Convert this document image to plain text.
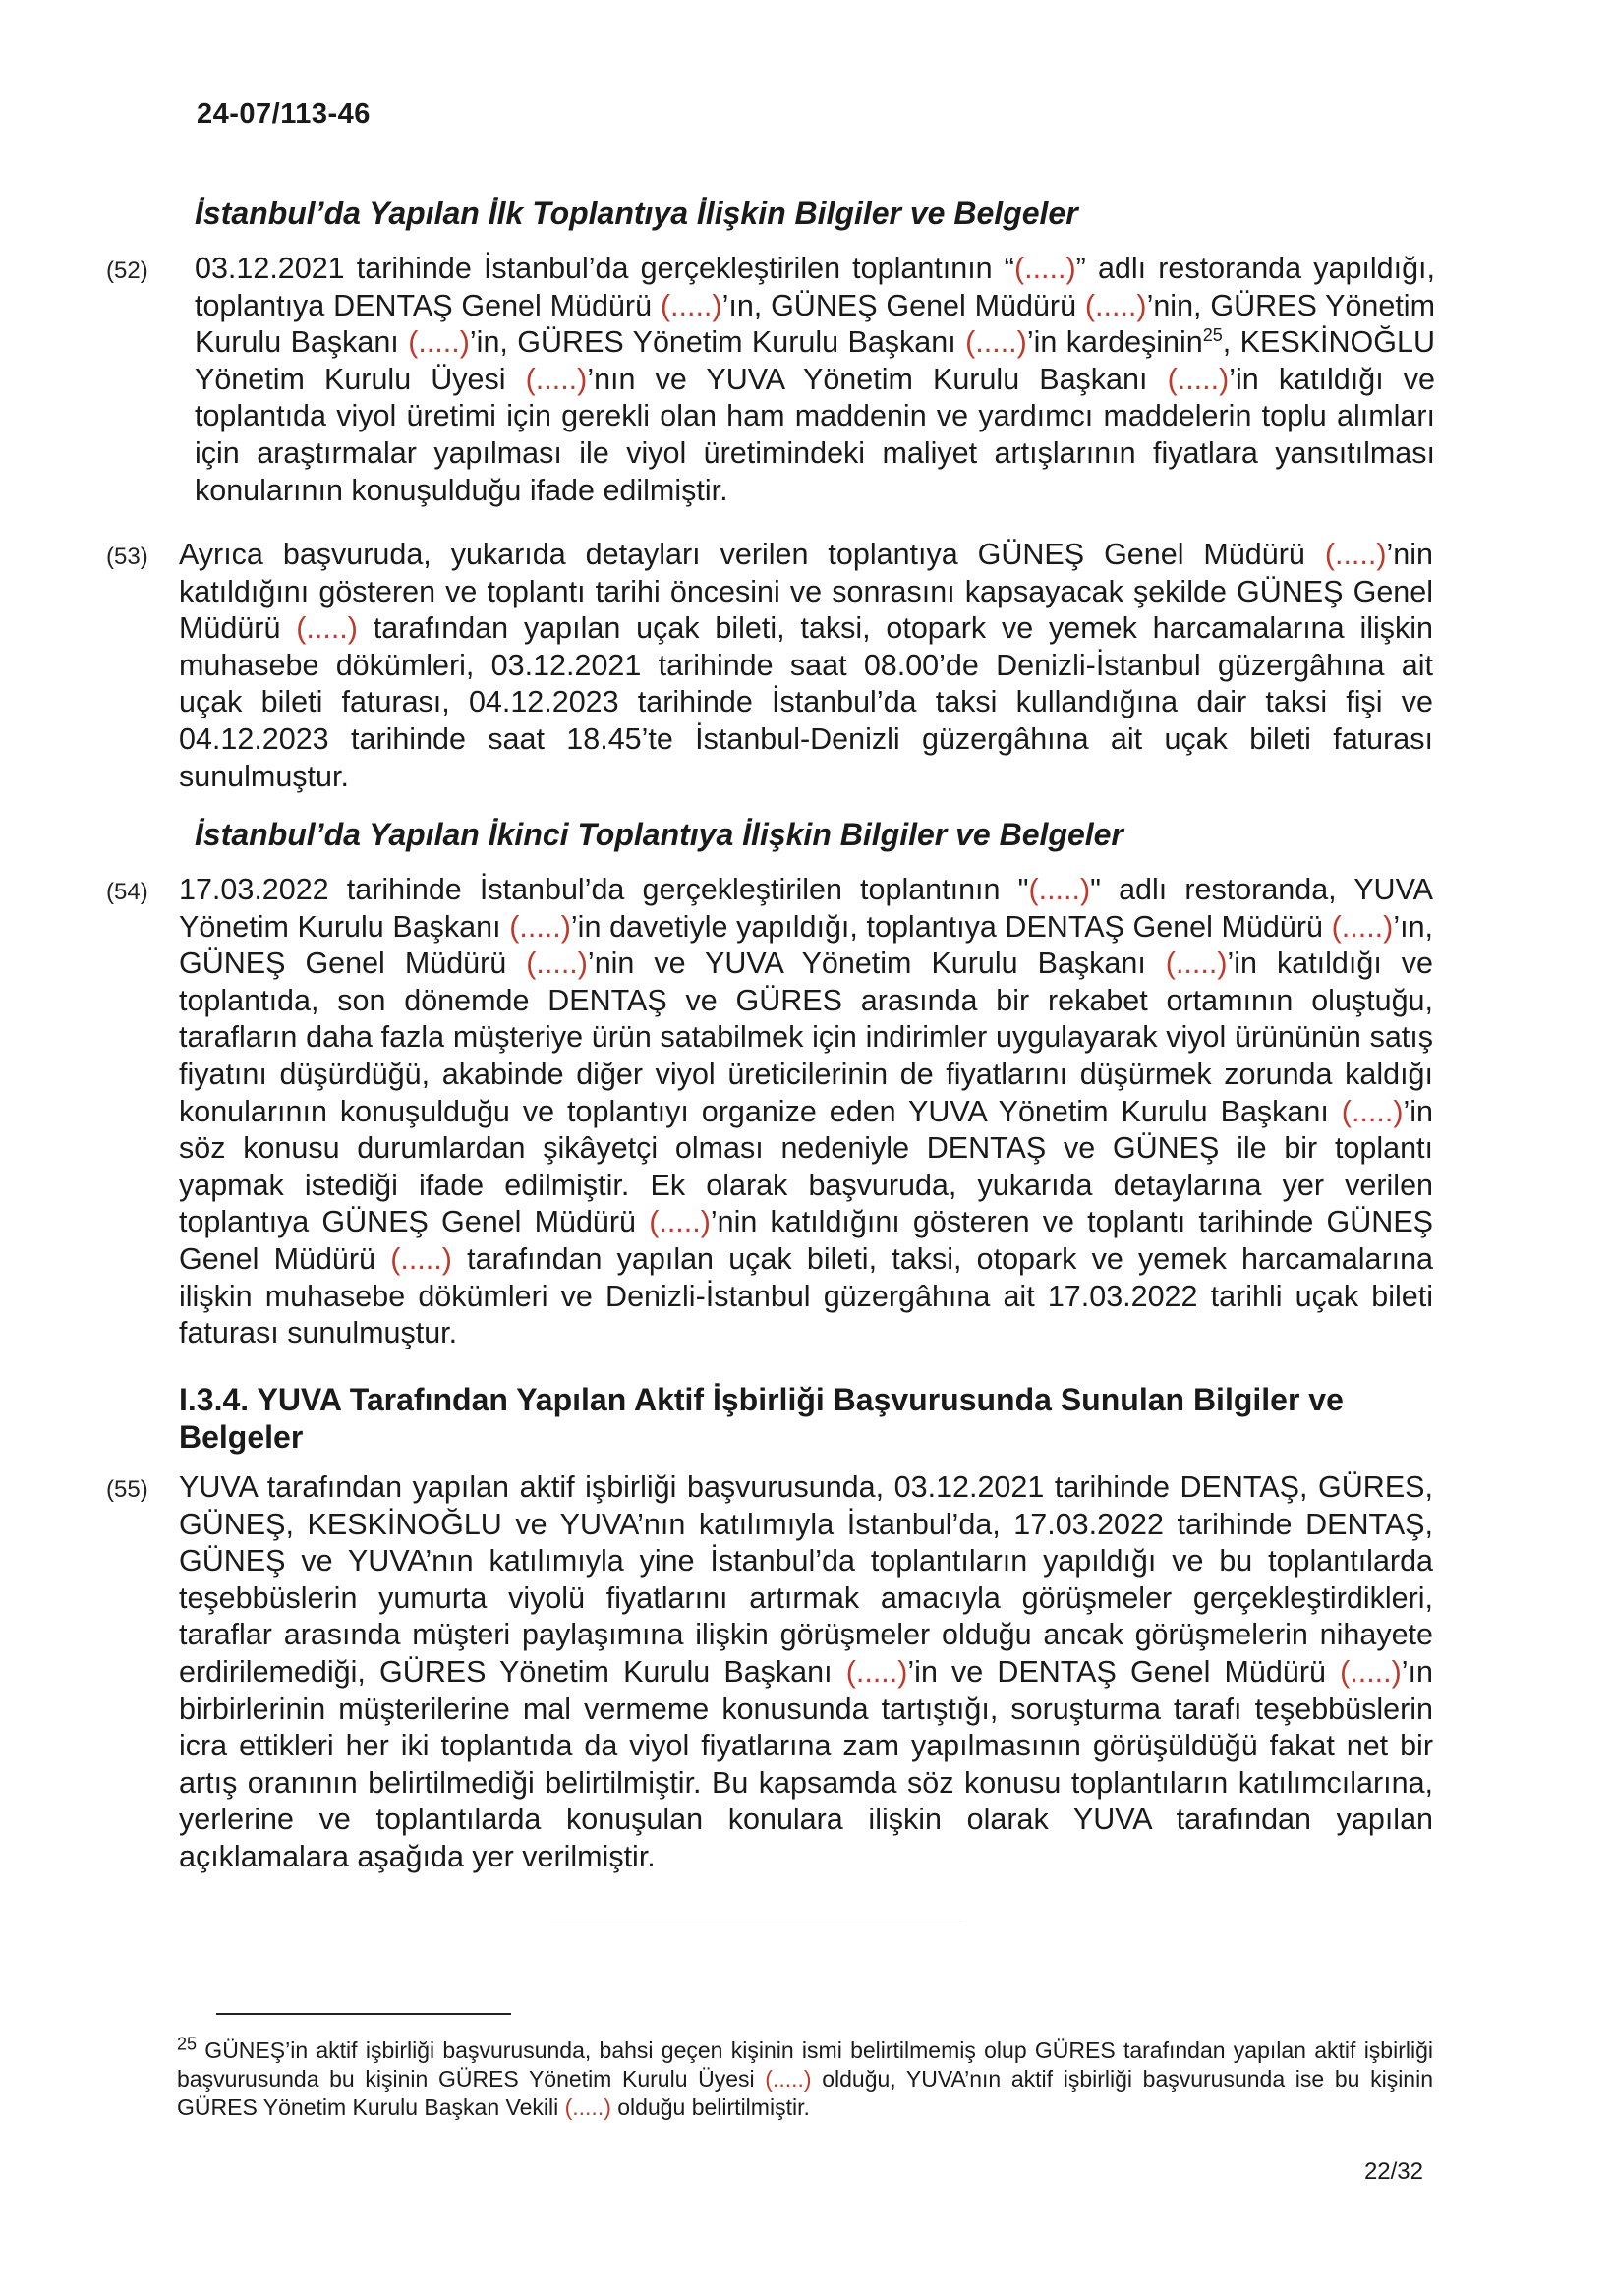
24-07/113-46
İstanbul’da Yapılan İlk Toplantıya İlişkin Bilgiler ve Belgeler
(52) 03.12.2021 tarihinde İstanbul’da gerçekleştirilen toplantının “(.....)” adlı restoranda yapıldığı, toplantıya DENTAŞ Genel Müdürü (.....)’ın, GÜNEŞ Genel Müdürü (.....)’nin, GÜRES Yönetim Kurulu Başkanı (.....)’in, GÜRES Yönetim Kurulu Başkanı (.....)’in kardeşinin$^{25}$, KESKİNOĞLU Yönetim Kurulu Üyesi (.....)’nın ve YUVA Yönetim Kurulu Başkanı (.....)’in katıldığı ve toplantıda viyol üretimi için gerekli olan ham maddenin ve yardımcı maddelerin toplu alımları için araştırmalar yapılması ile viyol üretimindeki maliyet artışlarının fiyatlara yansıtılması konularının konuşulduğu ifade edilmiştir.

(53) Ayrıca başvuruda, yukarıda detayları verilen toplantıya GÜNEŞ Genel Müdürü (.....)’nin katıldığını gösteren ve toplantı tarihi öncesini ve sonrasını kapsayacak şekilde GÜNEŞ Genel Müdürü (.....) tarafından yapılan uçak bileti, taksi, otopark ve yemek harcamalarına ilişkin muhasebe dökümleri, 03.12.2021 tarihinde saat 08.00’de Denizli-İstanbul güzergâhına ait uçak bileti faturası, 04.12.2023 tarihinde İstanbul’da taksi kullandığına dair taksi fişi ve 04.12.2023 tarihinde saat 18.45’te İstanbul-Denizli güzergâhına ait uçak bileti faturası sunulmuştur.

İstanbul’da Yapılan İkinci Toplantıya İlişkin Bilgiler ve Belgeler
(54) 17.03.2022 tarihinde İstanbul’da gerçekleştirilen toplantının "(.....)" adlı restoranda, YUVA Yönetim Kurulu Başkanı (.....)’in davetiyle yapıldığı, toplantıya DENTAŞ Genel Müdürü (.....)’ın, GÜNEŞ Genel Müdürü (.....)’nin ve YUVA Yönetim Kurulu Başkanı (.....)’in katıldığı ve toplantıda, son dönemde DENTAŞ ve GÜRES arasında bir rekabet ortamının oluştuğu, tarafların daha fazla müşteriye ürün satabilmek için indirimler uygulayarak viyol ürününün satış fiyatını düşürdüğü, akabinde diğer viyol üreticilerinin de fiyatlarını düşürmek zorunda kaldığı konularının konuşulduğu ve toplantıyı organize eden YUVA Yönetim Kurulu Başkanı (.....)’in söz konusu durumlardan şikâyetçi olması nedeniyle DENTAŞ ve GÜNEŞ ile bir toplantı yapmak istediği ifade edilmiştir. Ek olarak başvuruda, yukarıda detaylarına yer verilen toplantıya GÜNEŞ Genel Müdürü (.....)’nin katıldığını gösteren ve toplantı tarihinde GÜNEŞ Genel Müdürü (.....) tarafından yapılan uçak bileti, taksi, otopark ve yemek harcamalarına ilişkin muhasebe dökümleri ve Denizli-İstanbul güzergâhına ait 17.03.2022 tarihli uçak bileti faturası sunulmuştur.

I.3.4. YUVA Tarafından Yapılan Aktif İşbirliği Başvurusunda Sunulan Bilgiler ve Belgeler
(55) YUVA tarafından yapılan aktif işbirliği başvurusunda, 03.12.2021 tarihinde DENTAŞ, GÜRES, GÜNEŞ, KESKİNOĞLU ve YUVA’nın katılımıyla İstanbul’da, 17.03.2022 tarihinde DENTAŞ, GÜNEŞ ve YUVA’nın katılımıyla yine İstanbul’da toplantıların yapıldığı ve bu toplantılarda teşebbüslerin yumurta viyolü fiyatlarını artırmak amacıyla görüşmeler gerçekleştirdikleri, taraflar arasında müşteri paylaşımına ilişkin görüşmeler olduğu ancak görüşmelerin nihayete erdirilemediği, GÜRES Yönetim Kurulu Başkanı (.....)’in ve DENTAŞ Genel Müdürü (.....)’ın birbirlerinin müşterilerine mal vermeme konusunda tartıştığı, soruşturma tarafı teşebbüslerin icra ettikleri her iki toplantıda da viyol fiyatlarına zam yapılmasının görüşüldüğü fakat net bir artış oranının belirtilmediği belirtilmiştir. Bu kapsamda söz konusu toplantıların katılımcılarına, yerlerine ve toplantılarda konuşulan konulara ilişkin olarak YUVA tarafından yapılan açıklamalara aşağıda yer verilmiştir.

$^{25}$ GÜNEŞ’in aktif işbirliği başvurusunda, bahsi geçen kişinin ismi belirtilmemiş olup GÜRES tarafından yapılan aktif işbirliği başvurusunda bu kişinin GÜRES Yönetim Kurulu Üyesi (.....) olduğu, YUVA’nın aktif işbirliği başvurusunda ise bu kişinin GÜRES Yönetim Kurulu Başkan Vekili (.....) olduğu belirtilmiştir.

22/32
